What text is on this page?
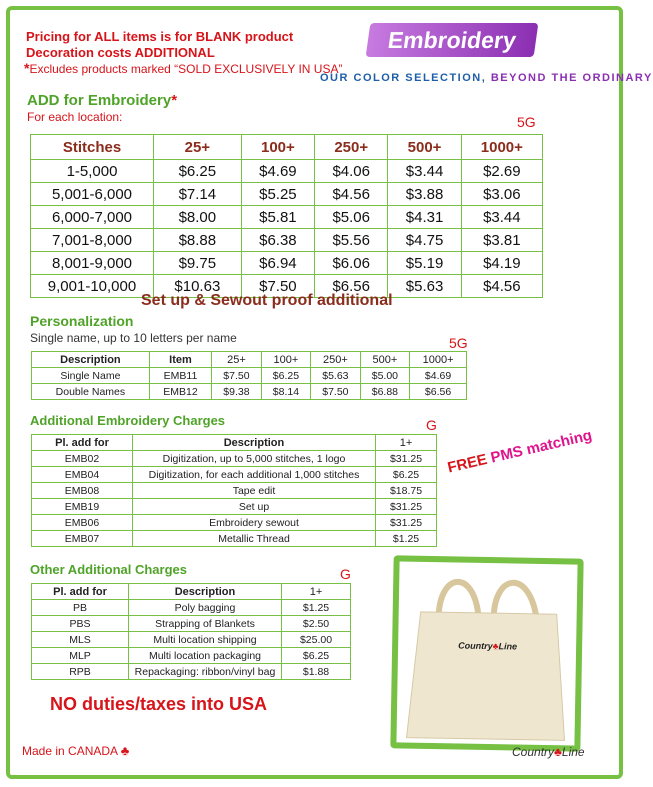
Pricing for ALL items is for BLANK product
Decoration costs ADDITIONAL
*Excludes products marked “SOLD EXCLUSIVELY IN USA”
Embroidery
OUR COLOR SELECTION, BEYOND THE ORDINARY
ADD for Embroidery*
For each location:	5G
Stitches	25+	100+	250+	500+	1000+
1-5,000	$6.25	$4.69	$4.06	$3.44	$2.69
5,001-6,000	$7.14	$5.25	$4.56	$3.88	$3.06
6,000-7,000	$8.00	$5.81	$5.06	$4.31	$3.44
7,001-8,000	$8.88	$6.38	$5.56	$4.75	$3.81
8,001-9,000	$9.75	$6.94	$6.06	$5.19	$4.19
9,001-10,000	$10.63	$7.50	$6.56	$5.63	$4.56
Set up & Sewout proof additional
Personalization
Single name, up to 10 letters per name	5G
Description	Item	25+	100+	250+	500+	1000+
Single Name	EMB11	$7.50	$6.25	$5.63	$5.00	$4.69
Double Names	EMB12	$9.38	$8.14	$7.50	$6.88	$6.56
Additional Embroidery Charges	G
Pl. add for	Description	1+
EMB02	Digitization, up to 5,000 stitches, 1 logo	$31.25
EMB04	Digitization, for each additional 1,000 stitches	$6.25
EMB08	Tape edit	$18.75
EMB19	Set up	$31.25
EMB06	Embroidery sewout	$31.25
EMB07	Metallic Thread	$1.25
FREE PMS matching
Other Additional Charges	G
Pl. add for	Description	1+
PB	Poly bagging	$1.25
PBS	Strapping of Blankets	$2.50
MLS	Multi location shipping	$25.00
MLP	Multi location packaging	$6.25
RPB	Repackaging: ribbon/vinyl bag	$1.88
Country♣Line
NO duties/taxes into USA
Made in CANADA ♣	Country♣Line
